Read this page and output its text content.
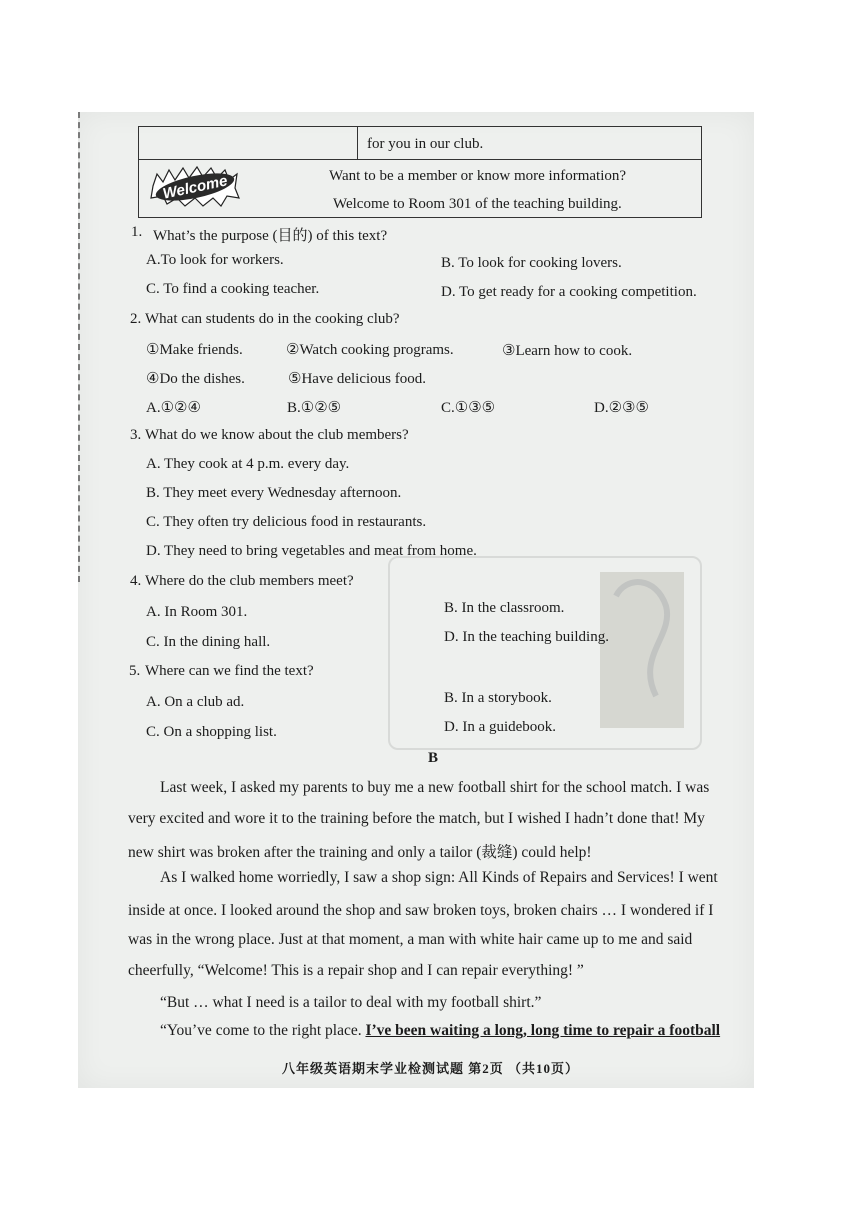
for you in our club.
Welcome	Want to be a member or know more information?
Welcome to Room 301 of the teaching building.
1. What’s the purpose (目的) of this text?
A.To look for workers.	B. To look for cooking lovers.
C. To find a cooking teacher.	D. To get ready for a cooking competition.
2. What can students do in the cooking club?
①Make friends.	②Watch cooking programs.	③Learn how to cook.
④Do the dishes.	⑤Have delicious food.
A.①②④	B.①②⑤	C.①③⑤	D.②③⑤
3. What do we know about the club members?
A. They cook at 4 p.m. every day.
B. They meet every Wednesday afternoon.
C. They often try delicious food in restaurants.
D. They need to bring vegetables and meat from home.
4. Where do the club members meet?
A. In Room 301.	B. In the classroom.
C. In the dining hall.	D. In the teaching building.
5. Where can we find the text?
A. On a club ad.	B. In a storybook.
C. On a shopping list.	D. In a guidebook.
B
Last week, I asked my parents to buy me a new football shirt for the school match. I was
very excited and wore it to the training before the match, but I wished I hadn’t done that! My
new shirt was broken after the training and only a tailor (裁缝) could help!
As I walked home worriedly, I saw a shop sign: All Kinds of Repairs and Services! I went
inside at once. I looked around the shop and saw broken toys, broken chairs … I wondered if I
was in the wrong place. Just at that moment, a man with white hair came up to me and said
cheerfully, “Welcome! This is a repair shop and I can repair everything! ”
“But … what I need is a tailor to deal with my football shirt.”
“You’ve come to the right place. I’ve been waiting a long, long time to repair a football
八年级英语期末学业检测试题 第2页 （共10页）
